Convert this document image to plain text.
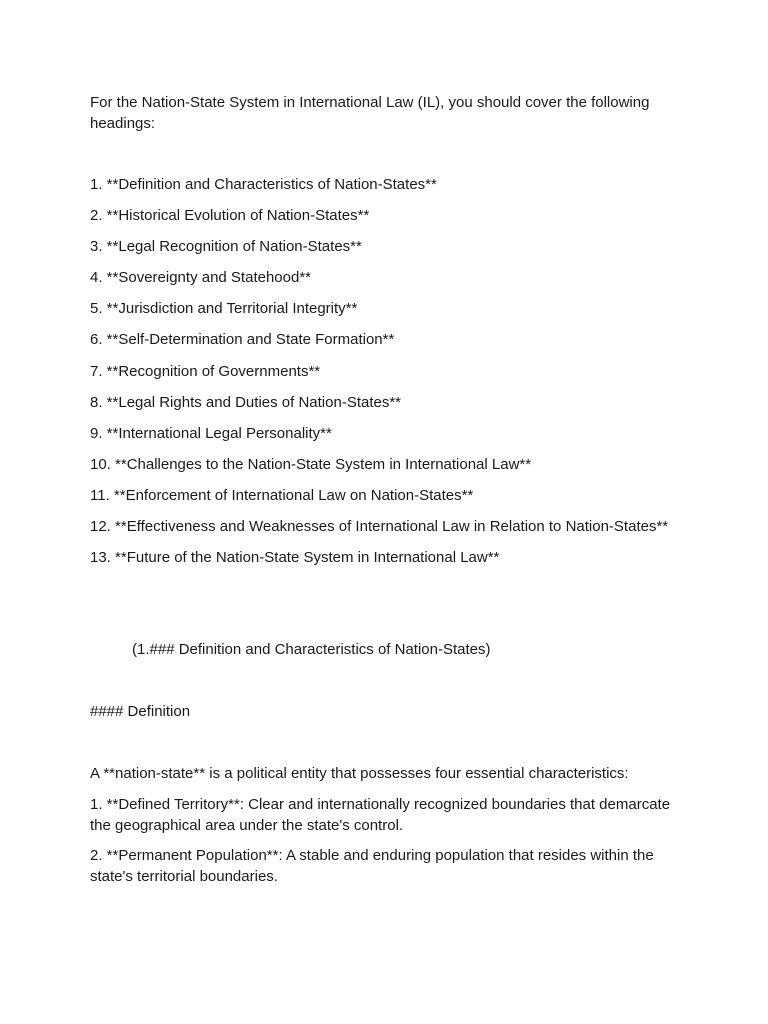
For the Nation-State System in International Law (IL), you should cover the following headings:
1. **Definition and Characteristics of Nation-States**
2. **Historical Evolution of Nation-States**
3. **Legal Recognition of Nation-States**
4. **Sovereignty and Statehood**
5. **Jurisdiction and Territorial Integrity**
6. **Self-Determination and State Formation**
7. **Recognition of Governments**
8. **Legal Rights and Duties of Nation-States**
9. **International Legal Personality**
10. **Challenges to the Nation-State System in International Law**
11. **Enforcement of International Law on Nation-States**
12. **Effectiveness and Weaknesses of International Law in Relation to Nation-States**
13. **Future of the Nation-State System in International Law**
(1.### Definition and Characteristics of Nation-States)
#### Definition
A **nation-state** is a political entity that possesses four essential characteristics:
1. **Defined Territory**: Clear and internationally recognized boundaries that demarcate the geographical area under the state's control.
2. **Permanent Population**: A stable and enduring population that resides within the state's territorial boundaries.
